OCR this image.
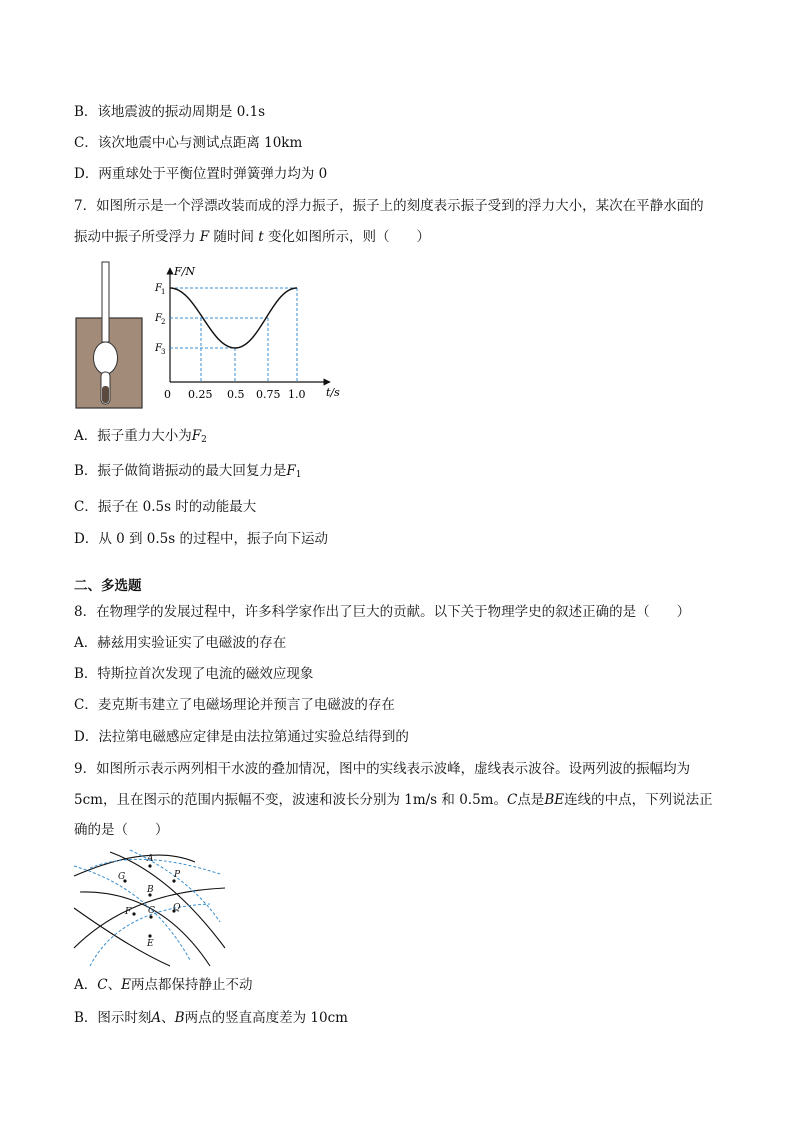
B．该地震波的振动周期是 0.1s
C．该次地震中心与测试点距离 10km
D．两重球处于平衡位置时弹簧弹力均为 0
7．如图所示是一个浮漂改装而成的浮力振子，振子上的刻度表示振子受到的浮力大小，某次在平静水面的
振动中振子所受浮力 F 随时间 t 变化如图所示，则（　　）
F/N
t/s
0
F 1
F 2
F 3
0.25 0.5 0.75 1.0
A．振子重力大小为$F_2$
B．振子做简谐振动的最大回复力是$F_1$
C．振子在 0.5s 时的动能最大
D．从 0 到 0.5s 的过程中，振子向下运动
二、多选题
8．在物理学的发展过程中，许多科学家作出了巨大的贡献。以下关于物理学史的叙述正确的是（　　）
A．赫兹用实验证实了电磁波的存在
B．特斯拉首次发现了电流的磁效应现象
C．麦克斯韦建立了电磁场理论并预言了电磁波的存在
D．法拉第电磁感应定律是由法拉第通过实验总结得到的
9．如图所示表示两列相干水波的叠加情况，图中的实线表示波峰，虚线表示波谷。设两列波的振幅均为
5cm，且在图示的范围内振幅不变，波速和波长分别为 1m/s 和 0.5m。C点是BE连线的中点，下列说法正
确的是（　　）
A
G	P
B
F C Q
E
A．C、E两点都保持静止不动
B．图示时刻A、B两点的竖直高度差为 10cm
